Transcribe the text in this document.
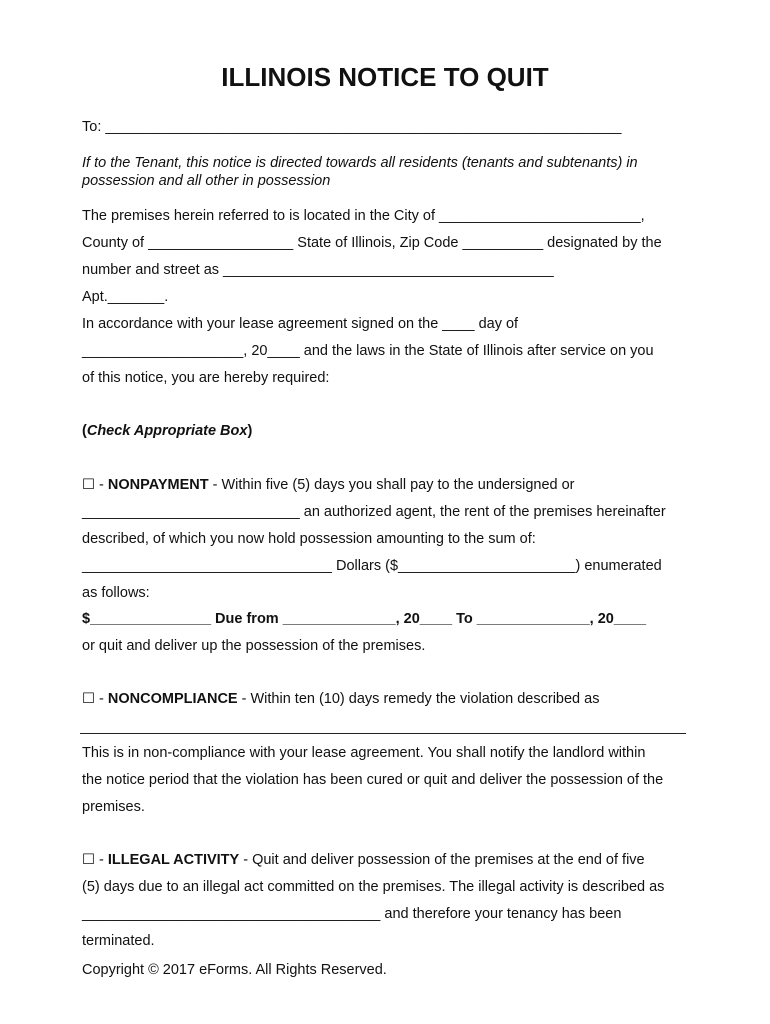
ILLINOIS NOTICE TO QUIT
To: ________________________________________________________________
If to the Tenant, this notice is directed towards all residents (tenants and subtenants) in
possession and all other in possession
The premises herein referred to is located in the City of _________________________,
County of __________________ State of Illinois, Zip Code __________ designated by the
number and street as _________________________________________
Apt._______.
In accordance with your lease agreement signed on the ____ day of
____________________, 20____ and the laws in the State of Illinois after service on you
of this notice, you are hereby required:
(Check Appropriate Box)
☐ - NONPAYMENT - Within five (5) days you shall pay to the undersigned or
___________________________ an authorized agent, the rent of the premises hereinafter
described, of which you now hold possession amounting to the sum of:
_______________________________ Dollars ($______________________) enumerated
as follows:
$_______________ Due from ______________, 20____ To ______________, 20____
or quit and deliver up the possession of the premises.
☐ - NONCOMPLIANCE - Within ten (10) days remedy the violation described as
This is in non-compliance with your lease agreement. You shall notify the landlord within
the notice period that the violation has been cured or quit and deliver the possession of the
premises.
☐ - ILLEGAL ACTIVITY - Quit and deliver possession of the premises at the end of five
(5) days due to an illegal act committed on the premises. The illegal activity is described as
_____________________________________ and therefore your tenancy has been
terminated.
Copyright © 2017 eForms. All Rights Reserved.
